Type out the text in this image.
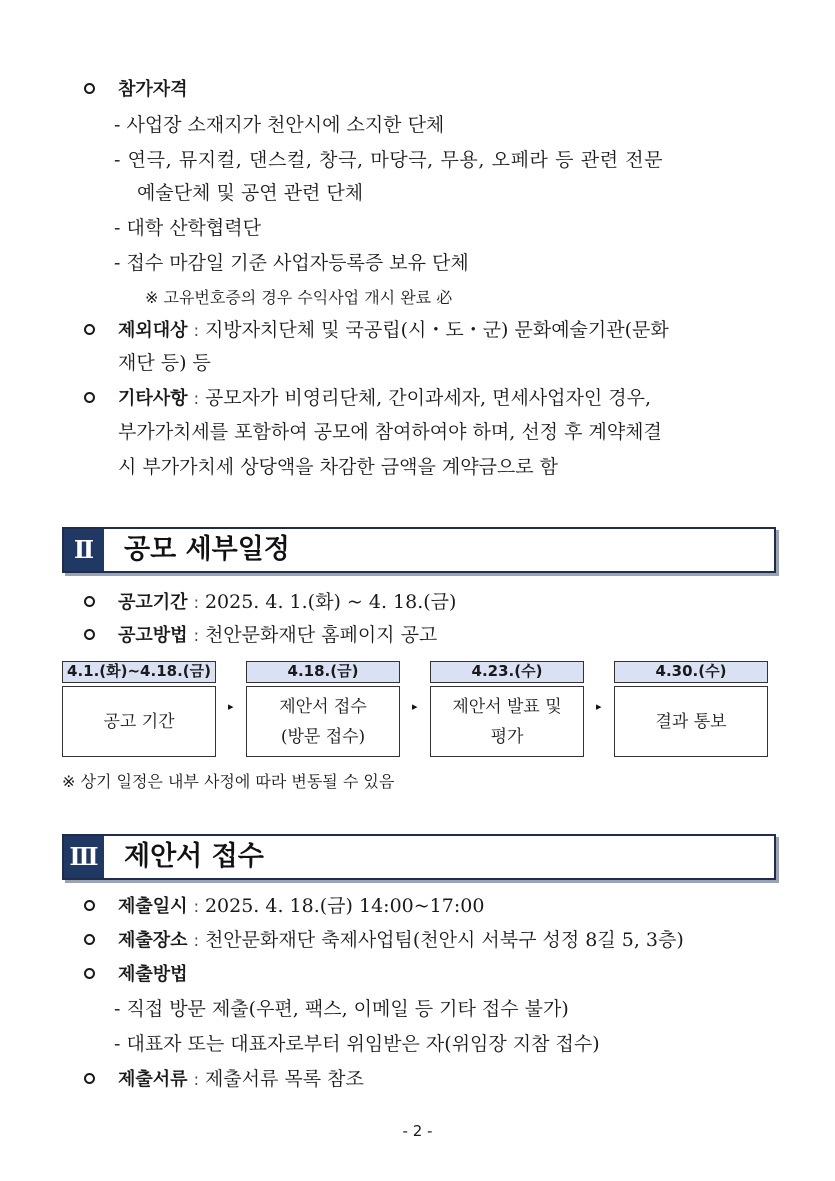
참가자격
- 사업장 소재지가 천안시에 소지한 단체
- 연극, 뮤지컬, 댄스컬, 창극, 마당극, 무용, 오페라 등 관련 전문
예술단체 및 공연 관련 단체
- 대학 산학협력단
- 접수 마감일 기준 사업자등록증 보유 단체
※ 고유번호증의 경우 수익사업 개시 완료 必
제외대상 : 지방자치단체 및 국공립(시・도・군) 문화예술기관(문화
재단 등) 등
기타사항 : 공모자가 비영리단체, 간이과세자, 면세사업자인 경우,
부가가치세를 포함하여 공모에 참여하여야 하며, 선정 후 계약체결
시 부가가치세 상당액을 차감한 금액을 계약금으로 함
Ⅱ	공모 세부일정
공고기간 : 2025. 4. 1.(화) ~ 4. 18.(금)
공고방법 : 천안문화재단 홈페이지 공고
4.1.(화)~4.18.(금)
공고 기간
▸
4.18.(금)
제안서 접수
(방문 접수)
▸
4.23.(수)
제안서 발표 및
평가
▸
4.30.(수)
결과 통보
※ 상기 일정은 내부 사정에 따라 변동될 수 있음
Ⅲ 제안서 접수
제출일시 : 2025. 4. 18.(금) 14:00~17:00
제출장소 : 천안문화재단 축제사업팀(천안시 서북구 성정 8길 5, 3층)
제출방법
- 직접 방문 제출(우편, 팩스, 이메일 등 기타 접수 불가)
- 대표자 또는 대표자로부터 위임받은 자(위임장 지참 접수)
제출서류 : 제출서류 목록 참조
- 2 -
